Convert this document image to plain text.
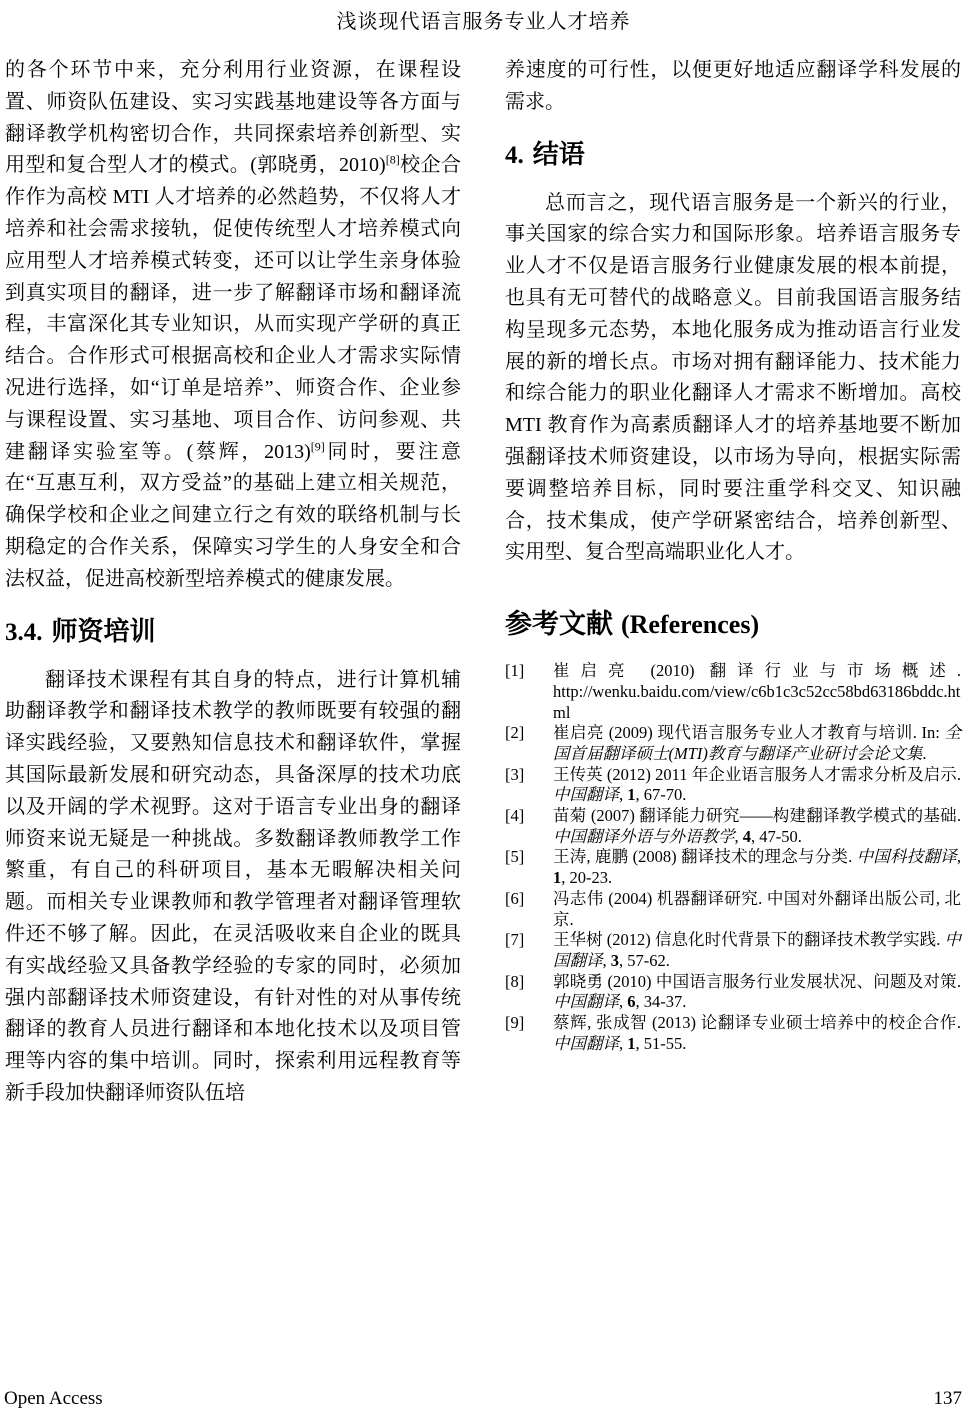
浅谈现代语言服务专业人才培养

的各个环节中来，充分利用行业资源，在课程设置、师资队伍建设、实习实践基地建设等各方面与翻译教学机构密切合作，共同探索培养创新型、实用型和复合型人才的模式。(郭晓勇，2010)[8]校企合作作为高校 MTI 人才培养的必然趋势，不仅将人才培养和社会需求接轨，促使传统型人才培养模式向应用型人才培养模式转变，还可以让学生亲身体验到真实项目的翻译，进一步了解翻译市场和翻译流程，丰富深化其专业知识，从而实现产学研的真正结合。合作形式可根据高校和企业人才需求实际情况进行选择，如“订单是培养”、师资合作、企业参与课程设置、实习基地、项目合作、访问参观、共建翻译实验室等。(蔡辉，2013)[9]同时，要注意在“互惠互利，双方受益”的基础上建立相关规范，确保学校和企业之间建立行之有效的联络机制与长期稳定的合作关系，保障实习学生的人身安全和合法权益，促进高校新型培养模式的健康发展。

3.4. 师资培训

翻译技术课程有其自身的特点，进行计算机辅助翻译教学和翻译技术教学的教师既要有较强的翻译实践经验，又要熟知信息技术和翻译软件，掌握其国际最新发展和研究动态，具备深厚的技术功底以及开阔的学术视野。这对于语言专业出身的翻译师资来说无疑是一种挑战。多数翻译教师教学工作繁重，有自己的科研项目，基本无暇解决相关问题。而相关专业课教师和教学管理者对翻译管理软件还不够了解。因此，在灵活吸收来自企业的既具有实战经验又具备教学经验的专家的同时，必须加强内部翻译技术师资建设，有针对性的对从事传统翻译的教育人员进行翻译和本地化技术以及项目管理等内容的集中培训。同时，探索利用远程教育等新手段加快翻译师资队伍培

养速度的可行性，以便更好地适应翻译学科发展的需求。

4. 结语

总而言之，现代语言服务是一个新兴的行业，事关国家的综合实力和国际形象。培养语言服务专业人才不仅是语言服务行业健康发展的根本前提，也具有无可替代的战略意义。目前我国语言服务结构呈现多元态势，本地化服务成为推动语言行业发展的新的增长点。市场对拥有翻译能力、技术能力和综合能力的职业化翻译人才需求不断增加。高校 MTI 教育作为高素质翻译人才的培养基地要不断加强翻译技术师资建设，以市场为导向，根据实际需要调整培养目标，同时要注重学科交叉、知识融合，技术集成，使产学研紧密结合，培养创新型、实用型、复合型高端职业化人才。

参考文献 (References)
[1]	崔启亮 (2010) 翻译行业与市场概述. http://wenku.baidu.com/view/c6b1c3c52cc58bd63186bddc.html
[2]	崔启亮 (2009) 现代语言服务专业人才教育与培训. In: 全国首届翻译硕士(MTI)教育与翻译产业研讨会论文集.
[3]	王传英 (2012) 2011 年企业语言服务人才需求分析及启示. 中国翻译, 1, 67-70.
[4]	苗菊 (2007) 翻译能力研究——构建翻译教学模式的基础. 中国翻译外语与外语教学, 4, 47-50.
[5]	王涛, 鹿鹏 (2008) 翻译技术的理念与分类. 中国科技翻译, 1, 20-23.
[6]	冯志伟 (2004) 机器翻译研究. 中国对外翻译出版公司, 北京.
[7]	王华树 (2012) 信息化时代背景下的翻译技术教学实践. 中国翻译, 3, 57-62.
[8]	郭晓勇 (2010) 中国语言服务行业发展状况、问题及对策. 中国翻译, 6, 34-37.
[9]	蔡辉, 张成智 (2013) 论翻译专业硕士培养中的校企合作. 中国翻译, 1, 51-55.
Open Access	137
